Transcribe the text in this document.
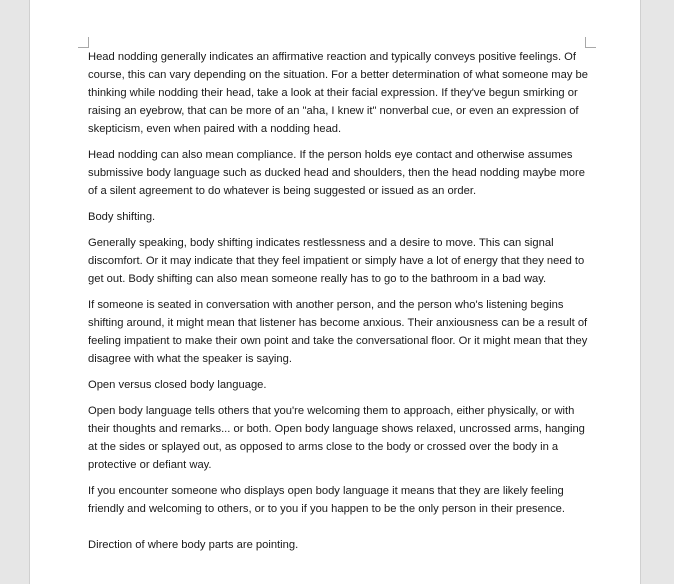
Head nodding generally indicates an affirmative reaction and typically conveys positive feelings. Of course, this can vary depending on the situation. For a better determination of what someone may be thinking while nodding their head, take a look at their facial expression. If they've begun smirking or raising an eyebrow, that can be more of an "aha, I knew it" nonverbal cue, or even an expression of skepticism, even when paired with a nodding head.

Head nodding can also mean compliance. If the person holds eye contact and otherwise assumes submissive body language such as ducked head and shoulders, then the head nodding maybe more of a silent agreement to do whatever is being suggested or issued as an order.

Body shifting.

Generally speaking, body shifting indicates restlessness and a desire to move. This can signal discomfort. Or it may indicate that they feel impatient or simply have a lot of energy that they need to get out. Body shifting can also mean someone really has to go to the bathroom in a bad way.

If someone is seated in conversation with another person, and the person who's listening begins shifting around, it might mean that listener has become anxious. Their anxiousness can be a result of feeling impatient to make their own point and take the conversational floor. Or it might mean that they disagree with what the speaker is saying.

Open versus closed body language.

Open body language tells others that you're welcoming them to approach, either physically, or with their thoughts and remarks... or both. Open body language shows relaxed, uncrossed arms, hanging at the sides or splayed out, as opposed to arms close to the body or crossed over the body in a protective or defiant way.

If you encounter someone who displays open body language it means that they are likely feeling friendly and welcoming to others, or to you if you happen to be the only person in their presence.

Direction of where body parts are pointing.
